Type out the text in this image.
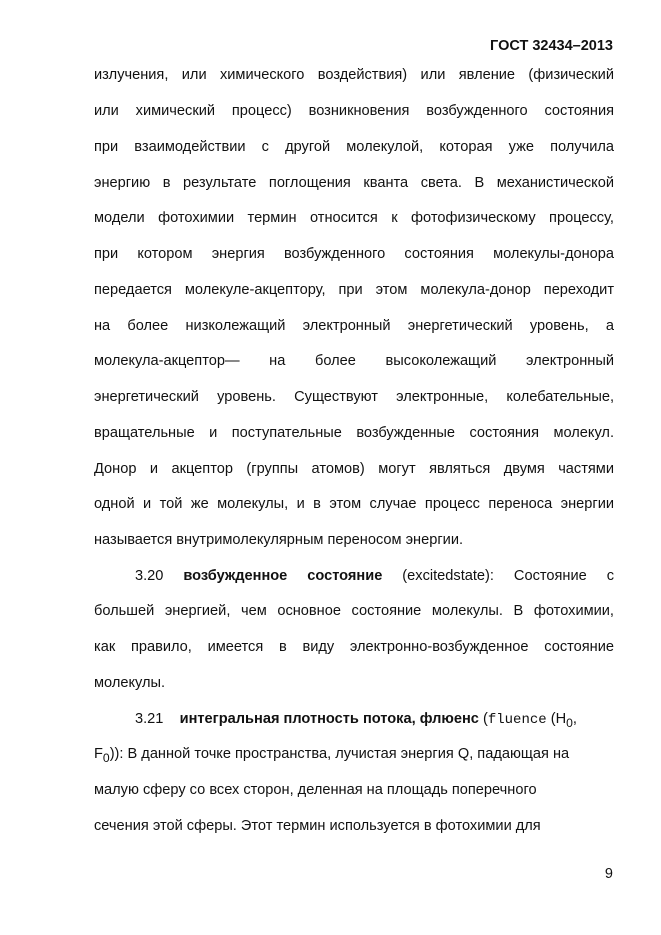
ГОСТ 32434–2013
излучения, или химического воздействия) или явление (физический
или химический процесс) возникновения возбужденного состояния
при взаимодействии с другой молекулой, которая уже получила
энергию в результате поглощения кванта света. В механистической
модели фотохимии термин относится к фотофизическому процессу,
при котором энергия возбужденного состояния молекулы-донора
передается молекуле-акцептору, при этом молекула-донор переходит
на более низколежащий электронный энергетический уровень, а
молекула-акцептор— на более высоколежащий электронный
энергетический уровень. Существуют электронные, колебательные,
вращательные и поступательные возбужденные состояния молекул.
Донор и акцептор (группы атомов) могут являться двумя частями
одной и той же молекулы, и в этом случае процесс переноса энергии
называется внутримолекулярным переносом энергии.
3.20 возбужденное состояние (excitedstate): Состояние с
большей энергией, чем основное состояние молекулы. В фотохимии,
как правило, имеется в виду электронно-возбужденное состояние
молекулы.
3.21 интегральная плотность потока, флюенс (fluence ($H_0$,
$F_0$)): В данной точке пространства, лучистая энергия Q, падающая на
малую сферу со всех сторон, деленная на площадь поперечного
сечения этой сферы. Этот термин используется в фотохимии для
9
